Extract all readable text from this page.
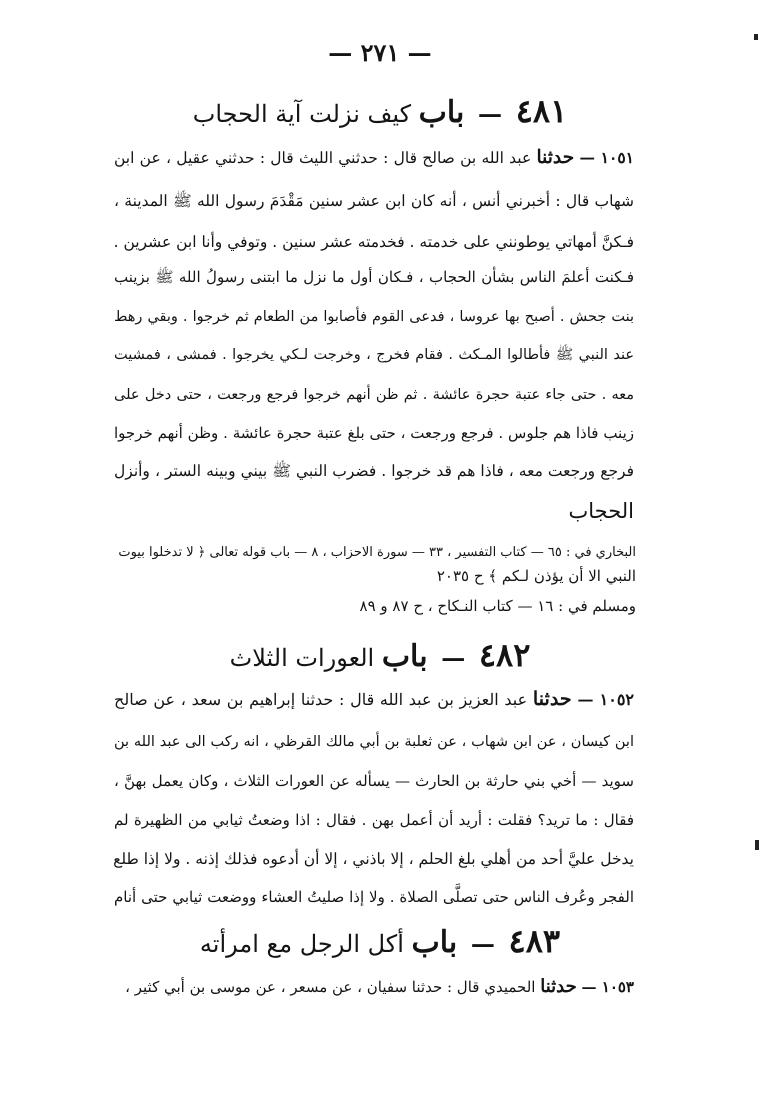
— ٢٧١ —
٤٨١ — باب كيف نزلت آية الحجاب
١٠٥١ — حدثنا عبد الله بن صالح قال : حدثني الليث قال : حدثني عقيل ، عن ابن
شهاب قال : أخبرني أنس ، أنه كان ابن عشر سنين مَقْدَمَ رسول الله ﷺ المدينة ،
فـكنَّ أمهاتي يوطونني على خدمته . فخدمته عشر سنين . وتوفي وأنا ابن عشرين .
فـكنت أعلمَ الناس بشأن الحجاب ، فـكان أول ما نزل ما ابتنى رسولُ الله ﷺ بزينب
بنت جحش . أصبح بها عروسا ، فدعى القوم فأصابوا من الطعام ثم خرجوا . وبقي رهط
عند النبي ﷺ فأطالوا المـكث . فقام فخرج ، وخرجت لـكي يخرجوا . فمشى ، فمشيت
معه . حتى جاء عتبة حجرة عائشة . ثم ظن أنهم خرجوا فرجع ورجعت ، حتى دخل على
زينب فاذا هم جلوس . فرجع ورجعت ، حتى بلغ عتبة حجرة عائشة . وظن أنهم خرجوا
فرجع ورجعت معه ، فاذا هم قد خرجوا . فضرب النبي ﷺ بيني وبينه الستر ، وأنزل
الحجاب
البخاري في : ٦٥ — كتاب التفسير ، ٣٣ — سورة الاحزاب ، ٨ — باب قوله تعالى ﴿ لا تدخلوا بيوت
النبي الا أن يؤذن لـكم ﴾ ح ٢٠٣٥
ومسلم في : ١٦ — كتاب النـكاح ، ح ٨٧ و ٨٩
٤٨٢ — باب العورات الثلاث
١٠٥٢ — حدثنا عبد العزيز بن عبد الله قال : حدثنا إبراهيم بن سعد ، عن صالح
ابن كيسان ، عن ابن شهاب ، عن ثعلبة بن أبي مالك القرظي ، انه ركب الى عبد الله بن
سويد — أخي بني حارثة بن الحارث — يسأله عن العورات الثلاث ، وكان يعمل بهنَّ ،
فقال : ما تريد؟ فقلت : أريد أن أعمل بهن . فقال : اذا وضعتُ ثيابي من الظهيرة لم
يدخل عليَّ أحد من أهلي بلغ الحلم ، إلا باذني ، إلا أن أدعوه فذلك إذنه . ولا إذا طلع
الفجر وعُرف الناس حتى تصلَّى الصلاة . ولا إذا صليتُ العشاء ووضعت ثيابي حتى أنام
٤٨٣ — باب أكل الرجل مع امرأته
١٠٥٣ — حدثنا الحميدي قال : حدثنا سفيان ، عن مسعر ، عن موسى بن أبي كثير ،
